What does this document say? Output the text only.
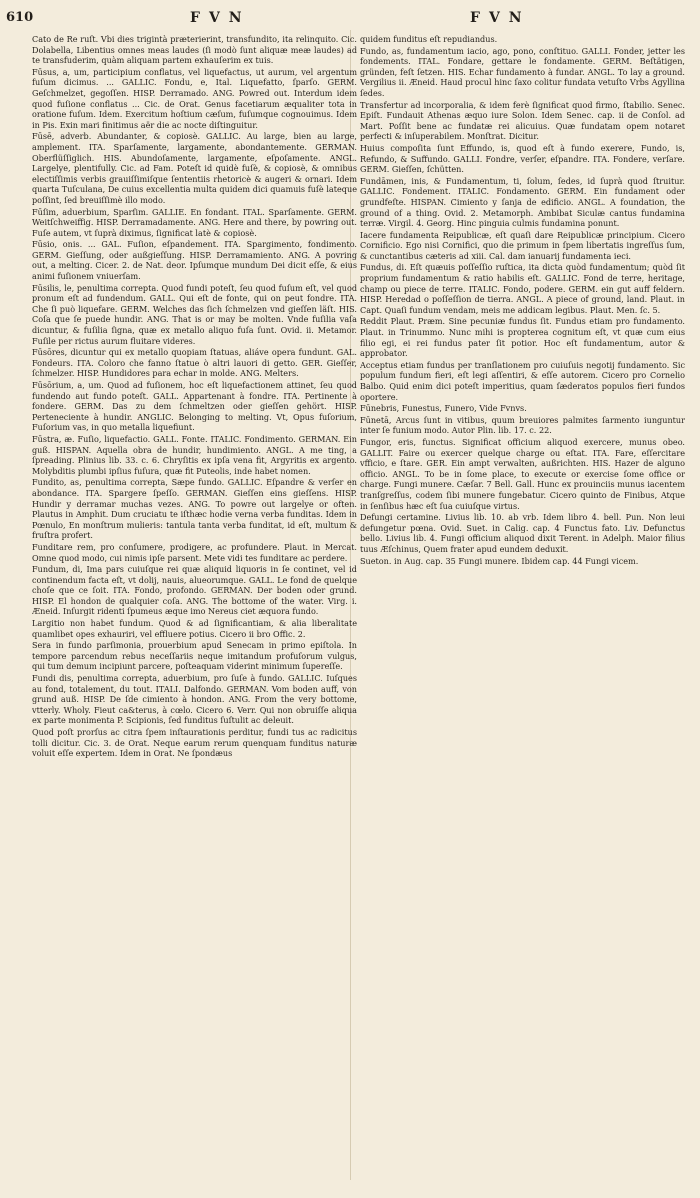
610	FVN	FVN

Cato de Re ruſt. Vbi dies trigintà præterierint, transfundito, ita relinquito. Cic. Dolabella, Libentius omnes meas laudes (ſi modò ſunt aliquæ meæ laudes) ad te transfuderim, quàm aliquam partem exhauſerim ex tuis.

Fūsus, a, um, participium conflatus, vel liquefactus, ut aurum, vel argentum fuſum dicimus. ... GALLIC. Fondu, e, Ital. Liquefatto, ſparſo. GERM. Geſchmelzet, gegoſſen. HISP. Derramado. ANG. Powred out. Interdum idem quod fuſione conflatus ... Cic. de Orat. Genus facetiarum æqualiter tota in oratione fuſum. Idem. Exercitum hoſtium cæſum, fuſumque cognouimus. Idem in Pis. Exin mari finitimus aër die ac nocte diſtinguitur.

Fūsē, adverb. Abundanter, & copiosè. GALLIC. Au large, bien au large, amplement. ITA. Sparſamente, largamente, abondantemente. GERMAN. Oberflüſſiglich. HIS. Abundoſamente, largamente, eſpoſamente. ANGL. Largelye, plentifully. Cic. ad Fam. Poteſt id quidè fuſè, & copiosè, & omnibus electiſſimis verbis grauiſſimiſque ſententiis rhetoricè & augeri & ornari. Idem quarta Tuſculana, De cuius excellentia multa quidem dici quamuis fuſè lateque poſſint, ſed breuiſſimè illo modo.

Fūſim, aduerbium, Sparſim. GALLIE. En fondant. ITAL. Sparſamente. GERM. Weitſchweiffig. HISP. Derramadamente. ANG. Here and there, by powring out. Fuſe autem, vt ſuprà diximus, ſignificat latè & copiosè.

Fūsio, onis. ... GAL. Fuſion, eſpandement. ITA. Spargimento, fondimento. GERM. Gieſſung, oder außgieſſung. HISP. Derramamiento. ANG. A povring out, a melting. Cicer. 2. de Nat. deor. Ipſumque mundum Dei dicit eſſe, & eius animi fuſionem vniuerſam.

Fūsilis, le, penultima correpta. Quod fundi poteſt, ſeu quod fuſum eſt, vel quod pronum eſt ad fundendum. GALL. Qui eſt de fonte, qui on peut fondre. ITA. Che ſi può liquefare. GERM. Welches das ſich ſchmelzen vnd gieſſen läſt. HIS. Coſa que ſe puede hundir. ANG. That is or may be molten. Vnde fuſilia vaſa dicuntur, & fuſilia ſigna, quæ ex metallo aliquo fuſa ſunt. Ovid. ii. Metamor. Fuſile per rictus aurum fluitare videres.

Fūsōres, dicuntur qui ex metallo quopiam ſtatuas, aliáve opera fundunt. GAL. Fondeurs. ITA. Coloro che fanno ſtatue ò altri lauori di getto. GER. Gieſſer, ſchmelzer. HISP. Hundidores para echar in molde. ANG. Melters.

Fūsōrium, a, um. Quod ad fuſionem, hoc eſt liquefactionem attinet, ſeu quod fundendo aut fundo poteſt. GALL. Appartenant à fondre. ITA. Pertinente à fondere. GERM. Das zu dem ſchmeltzen oder gieſſen gehört. HISP. Perteneciente à hundir. ANGLIC. Belonging to melting. Vt, Opus fuſorium, Fuſorium vas, in quo metalla liquefiunt.

Fūstra, æ. Fuſio, liquefactio. GALL. Fonte. ITALIC. Fondimento. GERMAN. Ein guß. HISPAN. Aquella obra de hundir, hundimiento. ANGL. A me ting, a ſpreading. Plinius lib. 33. c. 6. Chryſitis ex ipſa vena fit, Argyritis ex argento. Molybditis plumbi ipſius fuſura, quæ fit Puteolis, inde habet nomen.

Fundito, as, penultima correpta, Sæpe fundo. GALLIC. Eſpandre & verſer en abondance. ITA. Spargere ſpeſſo. GERMAN. Gieſſen eins gieſſens. HISP. Hundir y derramar muchas vezes. ANG. To powre out largelye or often. Plautus in Amphit. Dum cruciatu te iſthæc hodie verna verba funditas. Idem in Pœnulo, En monſtrum mulieris: tantula tanta verba funditat, id eſt, multum & fruſtra profert.

Funditare rem, pro conſumere, prodigere, ac profundere. Plaut. in Mercat. Omne quod modo, cui nimis ipſe parsent. Mete vidi tes funditare ac perdere.

Fundum, di, Ima pars cuiuſque rei quæ aliquid liquoris in ſe continet, vel id continendum facta eſt, vt dolij, nauis, alueorumque. GALL. Le fond de quelque choſe que ce ſoit. ITA. Fondo, profondo. GERMAN. Der boden oder grund. HISP. El hondon de qualquier coſa. ANG. The bottome of the water. Virg. i. Æneid. Inſurgit ridenti ſpumeus æque imo Nereus ciet æquora fundo.

Largitio non habet fundum. Quod & ad ſignificantiam, & alia liberalitate quamlibet opes exhauriri, vel effluere potius. Cicero ii bro Offic. 2.

Sera in fundo parſimonia, prouerbium apud Senecam in primo epiſtola. In tempore parcendum rebus neceſſariis neque imitandum profuſorum vulgus, qui tum demum incipiunt parcere, poſteaquam viderint minimum ſupereſſe.

Fundi dis, penultima correpta, aduerbium, pro ſuſe à fundo. GALLIC. Iuſques au fond, totalement, du tout. ITALI. Dalfondo. GERMAN. Vom boden auff, von grund auß. HISP. De ſde cimiento à hondon. ANG. From the very bottome, vtterly. Wholy. Fieut ca&terus, à cœlo. Cicero 6. Verr. Qui non obruiſſe aliqua ex parte monimenta P. Scipionis, ſed funditus ſuſtulit ac deleuit.

Quod poſt prorſus ac citra ſpem inſtaurationis perditur, fundi tus ac radicitus tolli dicitur. Cic. 3. de Orat. Neque earum rerum quenquam funditus naturæ voluit eſſe expertem. Idem in Orat. Ne ſpondæus

quidem funditus eſt repudiandus.

Fundo, as, fundamentum iacio, ago, pono, conſtituo. GALLI. Fonder, jetter les fondements. ITAL. Fondare, gettare le fondamente. GERM. Beſtätigen, gründen, feſt ſetzen. HIS. Echar fundamento à fundar. ANGL. To lay a ground. Vergilius ii. Æneid. Haud procul hinc ſaxo colitur fundata vetuſto Vrbs Agyllina ſedes.

Transfertur ad incorporalia, & idem ferè ſignificat quod firmo, ſtabilio. Senec. Epiſt. Fundauit Athenas æquo iure Solon. Idem Senec. cap. ii de Conſol. ad Mart. Poſſit bene ac fundatæ rei alicuius. Quæ fundatam opem notaret perfecti & inſuperabilem. Monſtrat. Dicitur.

Huius compoſita ſunt Effundo, is, quod eſt à fundo exerere, Fundo, is, Refundo, & Suffundo. GALLI. Fondre, verſer, eſpandre. ITA. Fondere, verſare. GERM. Gieſſen, ſchütten.

Fundāmen, inis, & Fundamentum, ti, ſolum, ſedes, id ſuprà quod ſtruitur. GALLIC. Fondement. ITALIC. Fondamento. GERM. Ein fundament oder grundfeſte. HISPAN. Cimiento y ſanja de edificio. ANGL. A foundation, the ground of a thing. Ovid. 2. Metamorph. Ambibat Siculæ cantus fundamina terræ. Virgil. 4. Georg. Hinc pinguia culmis fundamina ponunt.

Iacere fundamenta Reipublicæ, eſt quaſi dare Reipublicæ principium. Cicero Cornificio. Ego nisi Cornifici, quo die primum in ſpem libertatis ingreſſus ſum, & cunctantibus cæteris ad xiii. Cal. dam ianuarij fundamenta ieci.

Fundus, di. Eſt quæuis poſſeſſio ruſtica, ita dicta quòd fundamentum; quòd ſit proprium fundamentum & ratio habilis eſt. GALLIC. Fond de terre, heritage, champ ou piece de terre. ITALIC. Fondo, podere. GERM. ein gut auff feldern. HISP. Heredad o poſſeſſion de tierra. ANGL. A piece of ground, land. Plaut. in Capt. Quaſi fundum vendam, meis me addicam legibus. Plaut. Men. ſc. 5.

Reddit Plaut. Præm. Sine pecuniæ fundus ſit. Fundus etiam pro fundamento. Plaut. in Trinummo. Nunc mihi is propterea cognitum eſt, vt quæ cum eius filio egi, ei rei fundus pater ſit potior. Hoc eſt fundamentum, autor & approbator.

Acceptus etiam fundus per tranſlationem pro cuiuſuis negotij fundamento. Sic populum fundum fieri, eſt legi aſſentiri, & eſſe autorem. Cicero pro Cornelio Balbo. Quid enim dici poteſt imperitius, quam ſæderatos populos fieri fundos oportere.

Fūnebris, Funestus, Funero, Vide Fvnvs.

Fūnetā, Arcus ſunt in vitibus, quum breuiores palmites ſarmento iunguntur inter ſe funium modo. Autor Plin. lib. 17. c. 22.

Fungor, eris, functus. Significat officium aliquod exercere, munus obeo. GALLIT. Faire ou exercer quelque charge ou eſtat. ITA. Fare, eſſercitare vfficio, e ſtare. GER. Ein ampt verwalten, außrichten. HIS. Hazer de alguno officio. ANGL. To be in ſome place, to execute or exercise ſome office or charge. Fungi munere. Cæſar. 7 Bell. Gall. Hunc ex prouinciis munus iacentem tranſgreſſus, codem ſibi munere fungebatur. Cicero quinto de Finibus, Atque in ſenſibus hæc eſt ſua cuiuſque virtus.

Defungi certamine. Livius lib. 10. ab vrb. Idem libro 4. bell. Pun. Non leui defungetur pœna. Ovid. Suet. in Calig. cap. 4 Functus fato. Liv. Defunctus bello. Livius lib. 4. Fungi officium aliquod dixit Terent. in Adelph. Maior filius tuus Æſchinus, Quem frater apud eundem deduxit.

Sueton. in Aug. cap. 35 Fungi munere. Ibidem cap. 44 Fungi vicem.
